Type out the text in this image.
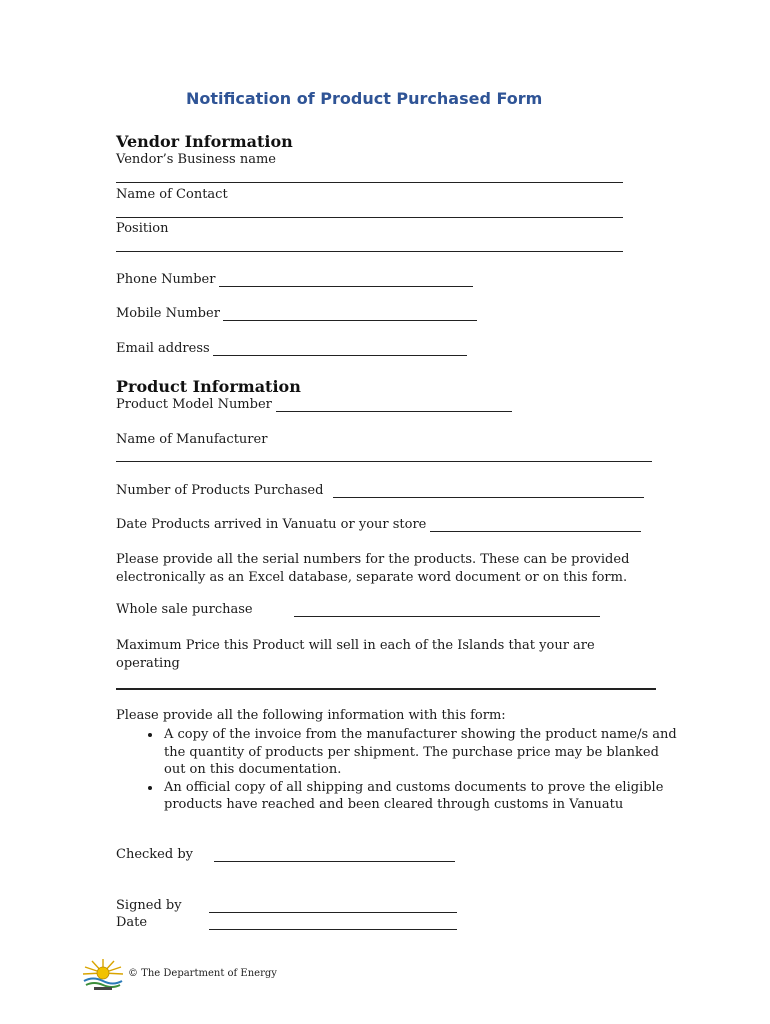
Notification of Product Purchased Form
Vendor Information
Vendor’s Business name
Name of Contact
Position
Phone Number
Mobile Number
Email address
Product Information
Product Model Number
Name of Manufacturer
Number of Products Purchased
Date Products arrived in Vanuatu or your store
Please provide all the serial numbers for the products. These can be provided electronically as an Excel database, separate word document or on this form.
Whole sale purchase
Maximum Price this Product will sell in each of the Islands that your are operating
Please provide all the following information with this form:
• A copy of the invoice from the manufacturer showing the product name/s and the quantity of products per shipment. The purchase price may be blanked out on this documentation.
• An official copy of all shipping and customs documents to prove the eligible products have reached and been cleared through customs in Vanuatu
Checked by
Signed by
Date
© The Department of Energy
